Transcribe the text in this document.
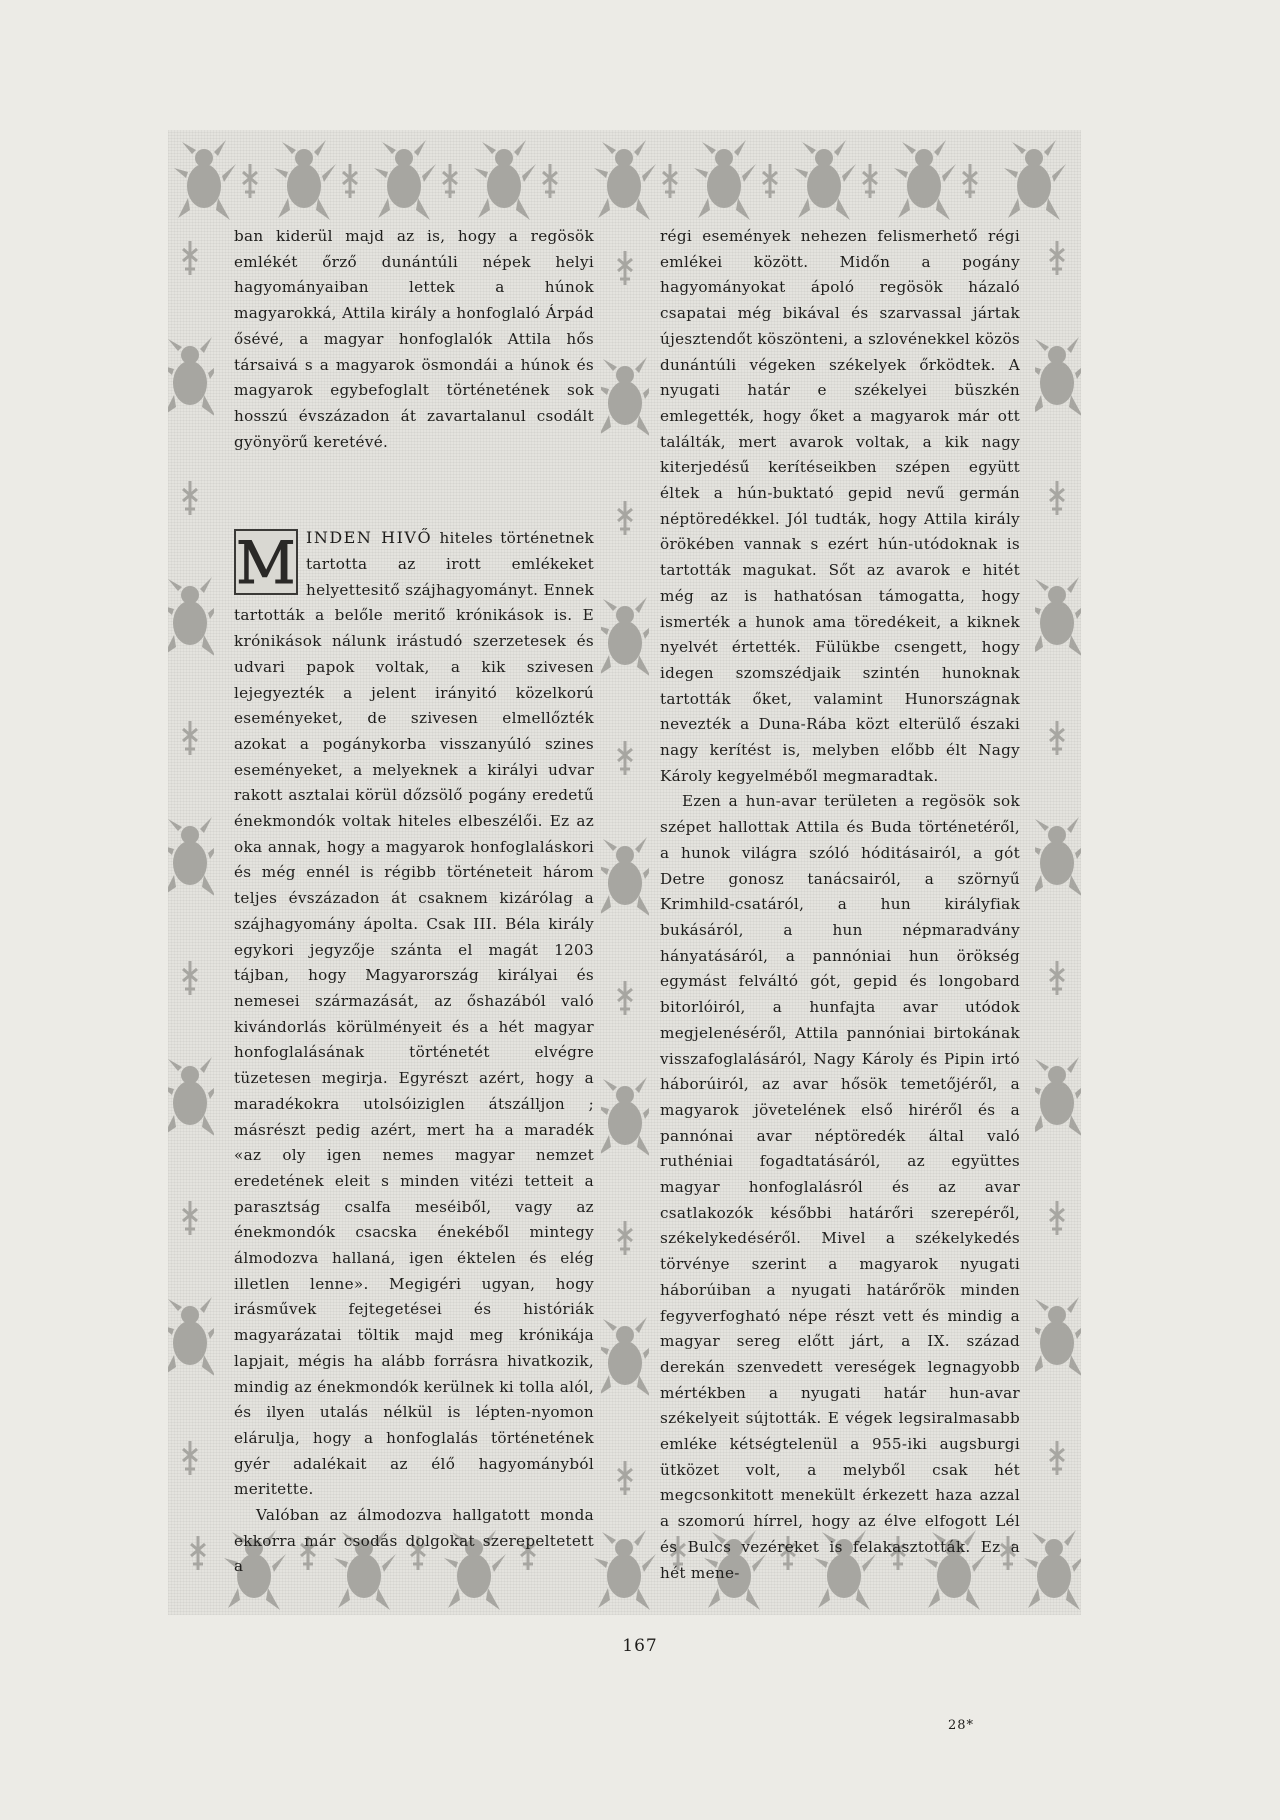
ban kiderül majd az is, hogy a regösök emlékét őrző dunántúli népek helyi hagyományaiban lettek a húnok magyarokká, Attila király a honfoglaló Árpád ősévé, a magyar honfoglalók Attila hős társaivá s a magyarok ösmondái a húnok és magyarok egybefoglalt történetének sok hosszú évszázadon át zavartalanul csodált gyönyörű keretévé.

M INDEN HIVŐ hiteles történetnek tartotta az irott emlékeket helyettesitő szájhagyományt. Ennek tartották a belőle meritő krónikások is. E krónikások nálunk irástudó szerzetesek és udvari papok voltak, a kik szivesen lejegyezték a jelent irányitó közelkorú eseményeket, de szivesen elmellőzték azokat a pogánykorba visszanyúló szines eseményeket, a melyeknek a királyi udvar rakott asztalai körül dőzsölő pogány eredetű énekmondók voltak hiteles elbeszélői. Ez az oka annak, hogy a magyarok honfoglaláskori és még ennél is régibb történeteit három teljes évszázadon át csaknem kizárólag a szájhagyomány ápolta. Csak III. Béla király egykori jegyzője szánta el magát 1203 tájban, hogy Magyarország királyai és nemesei származását, az őshazából való kivándorlás körülményeit és a hét magyar honfoglalásának történetét elvégre tüzetesen megirja. Egyrészt azért, hogy a maradékokra utolsóiziglen átszálljon ; másrészt pedig azért, mert ha a maradék «az oly igen nemes magyar nemzet eredetének eleit s minden vitézi tetteit a parasztság csalfa meséiből, vagy az énekmondók csacska énekéből mintegy álmodozva hallaná, igen éktelen és elég illetlen lenne». Megigéri ugyan, hogy irásművek fejtegetései és históriák magyarázatai töltik majd meg krónikája lapjait, mégis ha alább forrásra hivatkozik, mindig az énekmondók kerülnek ki tolla alól, és ilyen utalás nélkül is lépten-nyomon elárulja, hogy a honfoglalás történetének gyér adalékait az élő hagyományból meritette.

Valóban az álmodozva hallgatott monda ekkorra már csodás dolgokat szerepeltetett a

régi események nehezen felismerhető régi emlékei között. Midőn a pogány hagyományokat ápoló regösök házaló csapatai még bikával és szarvassal jártak újesztendőt köszönteni, a szlovénekkel közös dunántúli végeken székelyek őrködtek. A nyugati határ e székelyei büszkén emlegették, hogy őket a magyarok már ott találták, mert avarok voltak, a kik nagy kiterjedésű kerítéseikben szépen együtt éltek a hún-buktató gepid nevű germán néptöredékkel. Jól tudták, hogy Attila király örökében vannak s ezért hún-utódoknak is tartották magukat. Sőt az avarok e hitét még az is hathatósan támogatta, hogy ismerték a hunok ama töredékeit, a kiknek nyelvét értették. Fülükbe csengett, hogy idegen szomszédjaik szintén hunoknak tartották őket, valamint Hunországnak nevezték a Duna-Rába közt elterülő északi nagy kerítést is, melyben előbb élt Nagy Károly kegyelméből megmaradtak.

Ezen a hun-avar területen a regösök sok szépet hallottak Attila és Buda történetéről, a hunok világra szóló hóditásairól, a gót Detre gonosz tanácsairól, a szörnyű Krimhild-csatáról, a hun királyfiak bukásáról, a hun népmaradvány hányatásáról, a pannóniai hun örökség egymást felváltó gót, gepid és longobard bitorlóiról, a hunfajta avar utódok megjelenéséről, Attila pannóniai birtokának visszafoglalásáról, Nagy Károly és Pipin irtó háborúiról, az avar hősök temetőjéről, a magyarok jövetelének első hiréről és a pannónai avar néptöredék által való ruthéniai fogadtatásáról, az együttes magyar honfoglalásról és az avar csatlakozók későbbi határőri szerepéről, székelykedéséről. Mivel a székelykedés törvénye szerint a magyarok nyugati háborúiban a nyugati határőrök minden fegyverfogható népe részt vett és mindig a magyar sereg előtt járt, a IX. század derekán szenvedett vereségek legnagyobb mértékben a nyugati határ hun-avar székelyeit sújtották. E végek legsiralmasabb emléke kétségtelenül a 955-iki augsburgi ütközet volt, a melyből csak hét megcsonkitott menekült érkezett haza azzal a szomorú hírrel, hogy az élve elfogott Lél és Bulcs vezéreket is felakasztották. Ez a hét mene-

167
28*
